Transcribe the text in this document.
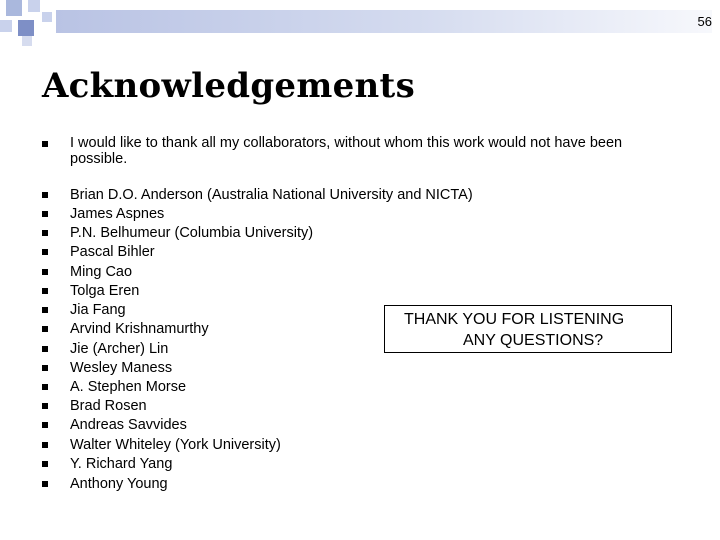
56
Acknowledgements
I would like to thank all my collaborators, without whom this work would not have been possible.
Brian D.O. Anderson (Australia National University and NICTA)
James Aspnes
P.N. Belhumeur (Columbia University)
Pascal Bihler
Ming Cao
Tolga Eren
Jia Fang
Arvind Krishnamurthy
Jie (Archer) Lin
Wesley Maness
A. Stephen Morse
Brad Rosen
Andreas Savvides
Walter Whiteley (York University)
Y. Richard Yang
Anthony Young
THANK YOU FOR LISTENING
ANY QUESTIONS?
